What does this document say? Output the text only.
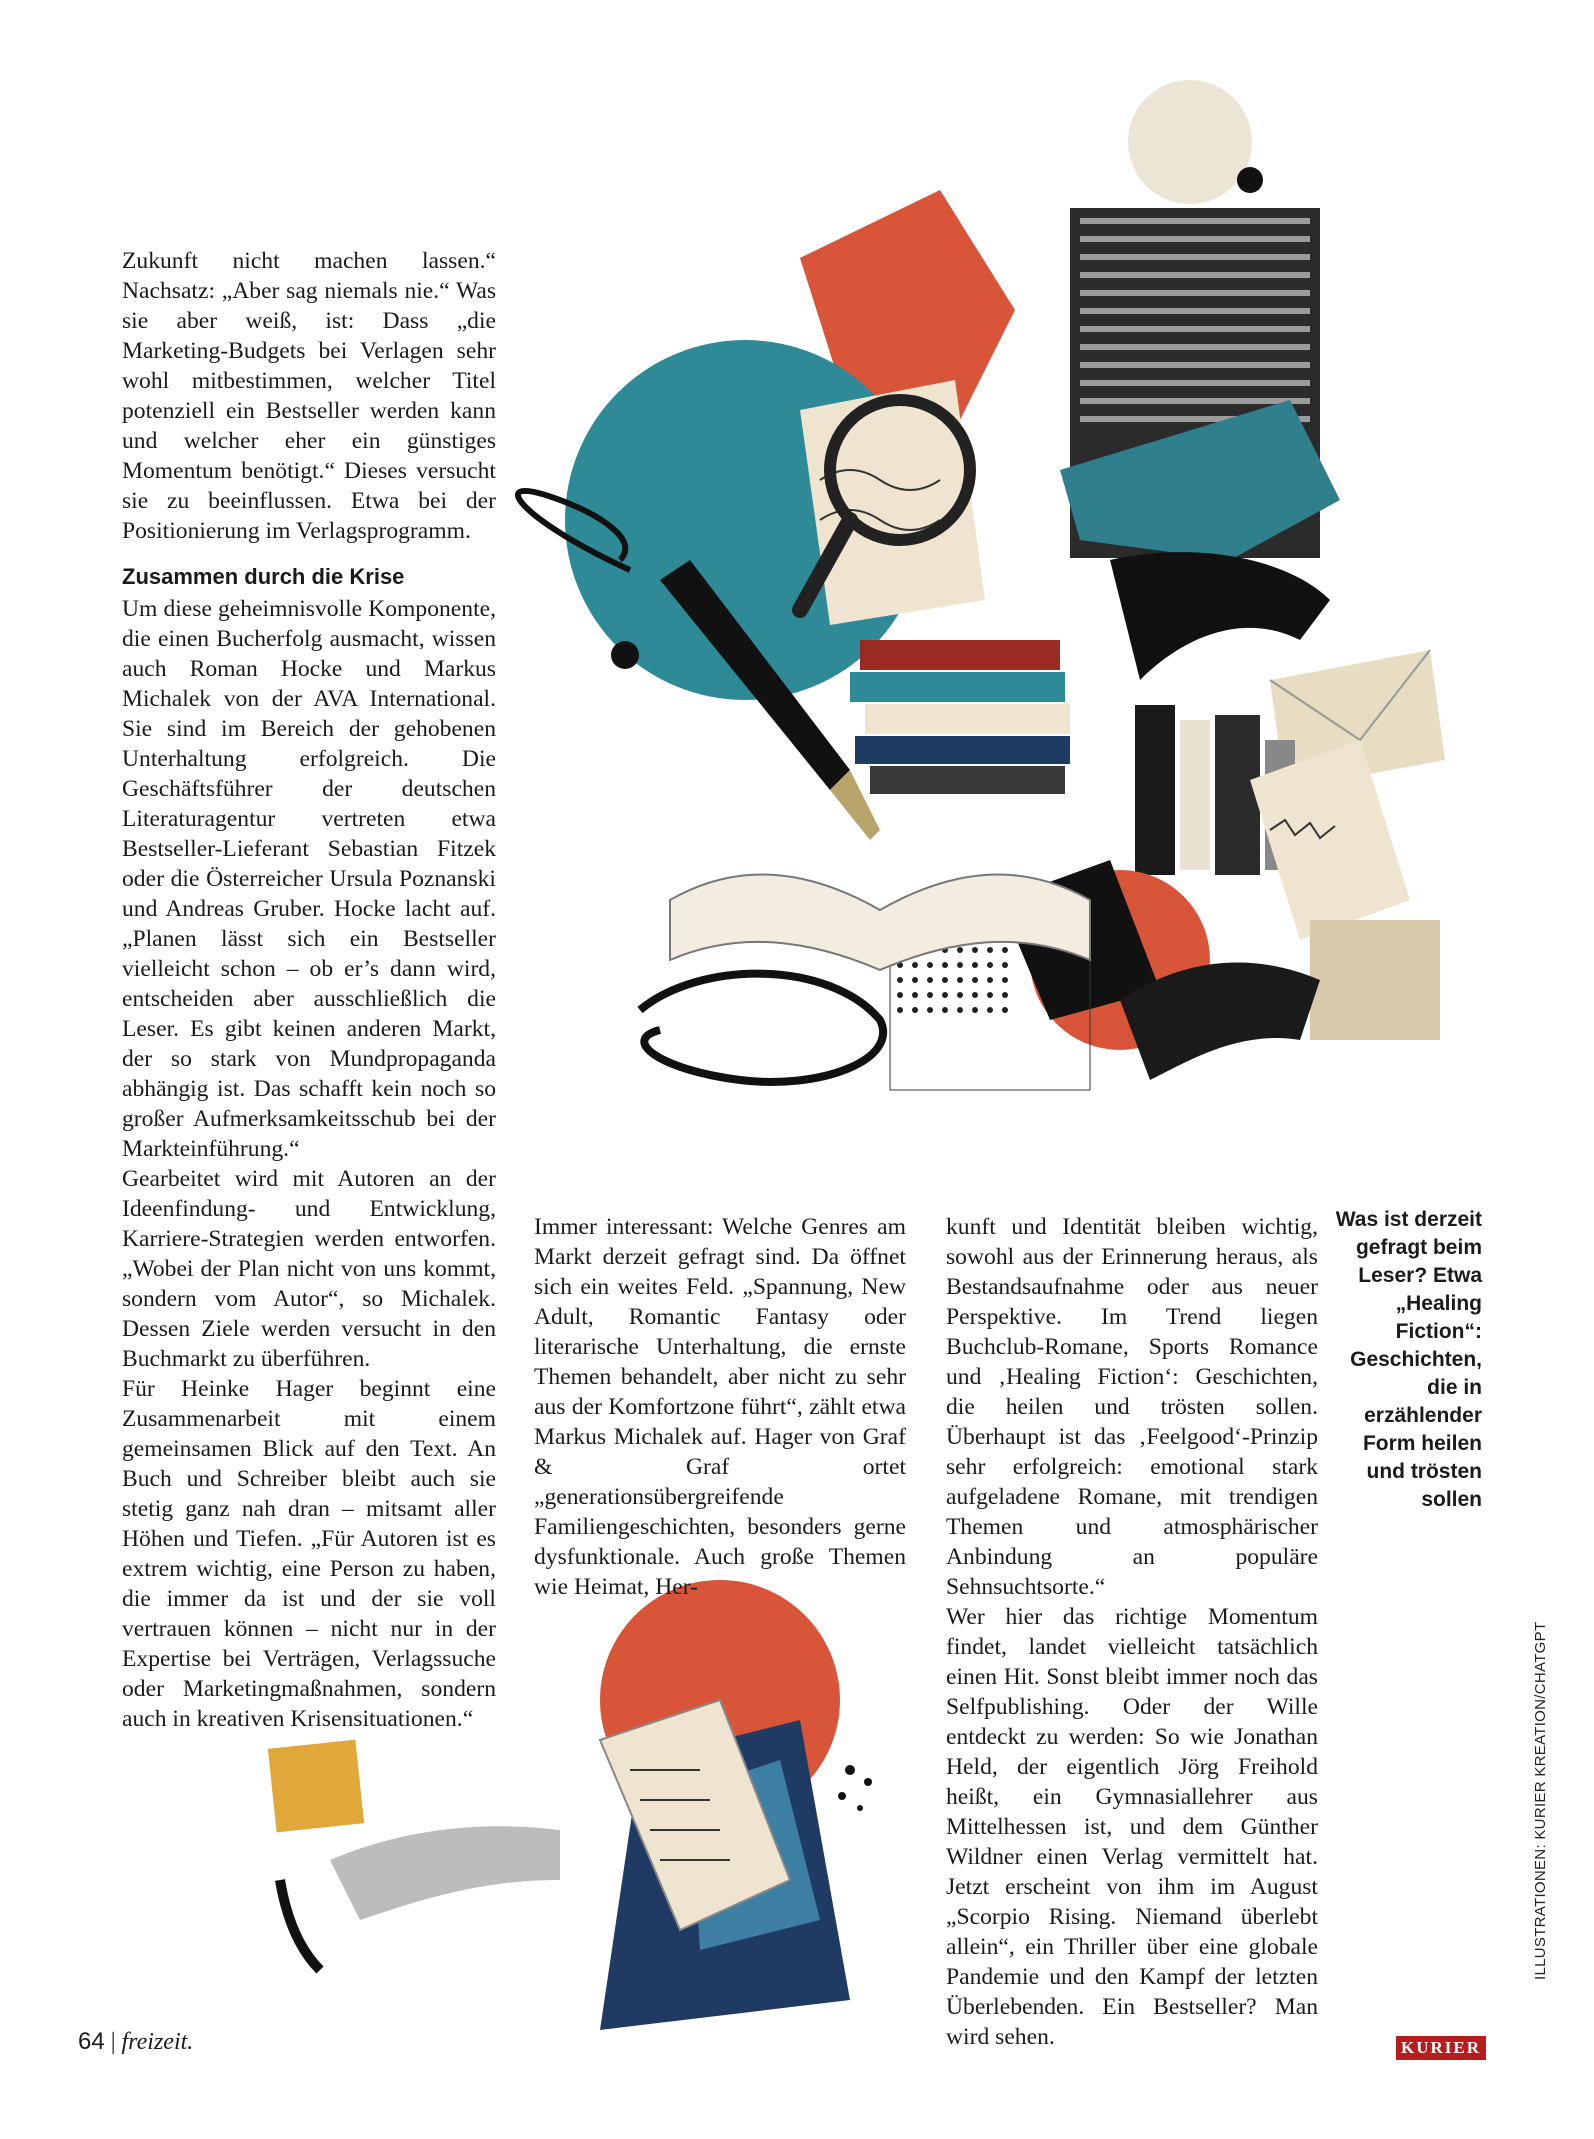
Zukunft nicht machen lassen.“ Nachsatz: „Aber sag niemals nie.“ Was sie aber weiß, ist: Dass „die Marketing-Budgets bei Verlagen sehr wohl mitbestimmen, welcher Titel potenziell ein Bestseller werden kann und welcher eher ein günstiges Momentum benötigt.“ Dieses versucht sie zu beeinflussen. Etwa bei der Positionierung im Verlagsprogramm.

Zusammen durch die Krise

Um diese geheimnisvolle Komponente, die einen Bucherfolg ausmacht, wissen auch Roman Hocke und Markus Michalek von der AVA International. Sie sind im Bereich der gehobenen Unterhaltung erfolgreich. Die Geschäftsführer der deutschen Literaturagentur vertreten etwa Bestseller-Lieferant Sebastian Fitzek oder die Österreicher Ursula Poznanski und Andreas Gruber. Hocke lacht auf. „Planen lässt sich ein Bestseller vielleicht schon – ob er’s dann wird, entscheiden aber ausschließlich die Leser. Es gibt keinen anderen Markt, der so stark von Mundpropaganda abhängig ist. Das schafft kein noch so großer Aufmerksamkeitsschub bei der Markteinführung.“

Gearbeitet wird mit Autoren an der Ideenfindung- und Entwicklung, Karriere-Strategien werden entworfen. „Wobei der Plan nicht von uns kommt, sondern vom Autor“, so Michalek. Dessen Ziele werden versucht in den Buchmarkt zu überführen.

Für Heinke Hager beginnt eine Zusammenarbeit mit einem gemeinsamen Blick auf den Text. An Buch und Schreiber bleibt auch sie stetig ganz nah dran – mitsamt aller Höhen und Tiefen. „Für Autoren ist es extrem wichtig, eine Person zu haben, die immer da ist und der sie voll vertrauen können – nicht nur in der Expertise bei Verträgen, Verlagssuche oder Marketingmaßnahmen, sondern auch in kreativen Krisensituationen.“

Immer interessant: Welche Genres am Markt derzeit gefragt sind. Da öffnet sich ein weites Feld. „Spannung, New Adult, Romantic Fantasy oder literarische Unterhaltung, die ernste Themen behandelt, aber nicht zu sehr aus der Komfortzone führt“, zählt etwa Markus Michalek auf. Hager von Graf & Graf ortet „generationsübergreifende Familiengeschichten, besonders gerne dysfunktionale. Auch große Themen wie Heimat, Her-

kunft und Identität bleiben wichtig, sowohl aus der Erinnerung heraus, als Bestandsaufnahme oder aus neuer Perspektive. Im Trend liegen Buchclub-Romane, Sports Romance und ‚Healing Fiction‘: Geschichten, die heilen und trösten sollen. Überhaupt ist das ‚Feelgood‘-Prinzip sehr erfolgreich: emotional stark aufgeladene Romane, mit trendigen Themen und atmosphärischer Anbindung an populäre Sehnsuchtsorte.“

Wer hier das richtige Momentum findet, landet vielleicht tatsächlich einen Hit. Sonst bleibt immer noch das Selfpublishing. Oder der Wille entdeckt zu werden: So wie Jonathan Held, der eigentlich Jörg Freihold heißt, ein Gymnasiallehrer aus Mittelhessen ist, und dem Günther Wildner einen Verlag vermittelt hat. Jetzt erscheint von ihm im August „Scorpio Rising. Niemand überlebt allein“, ein Thriller über eine globale Pandemie und den Kampf der letzten Überlebenden. Ein Bestseller? Man wird sehen.

Was ist derzeit gefragt beim Leser? Etwa „Healing Fiction“: Geschichten, die in erzählender Form heilen und trösten sollen
64 | freizeit.
ILLUSTRATIONEN: KURIER KREATION/CHATGPT
KURIER
